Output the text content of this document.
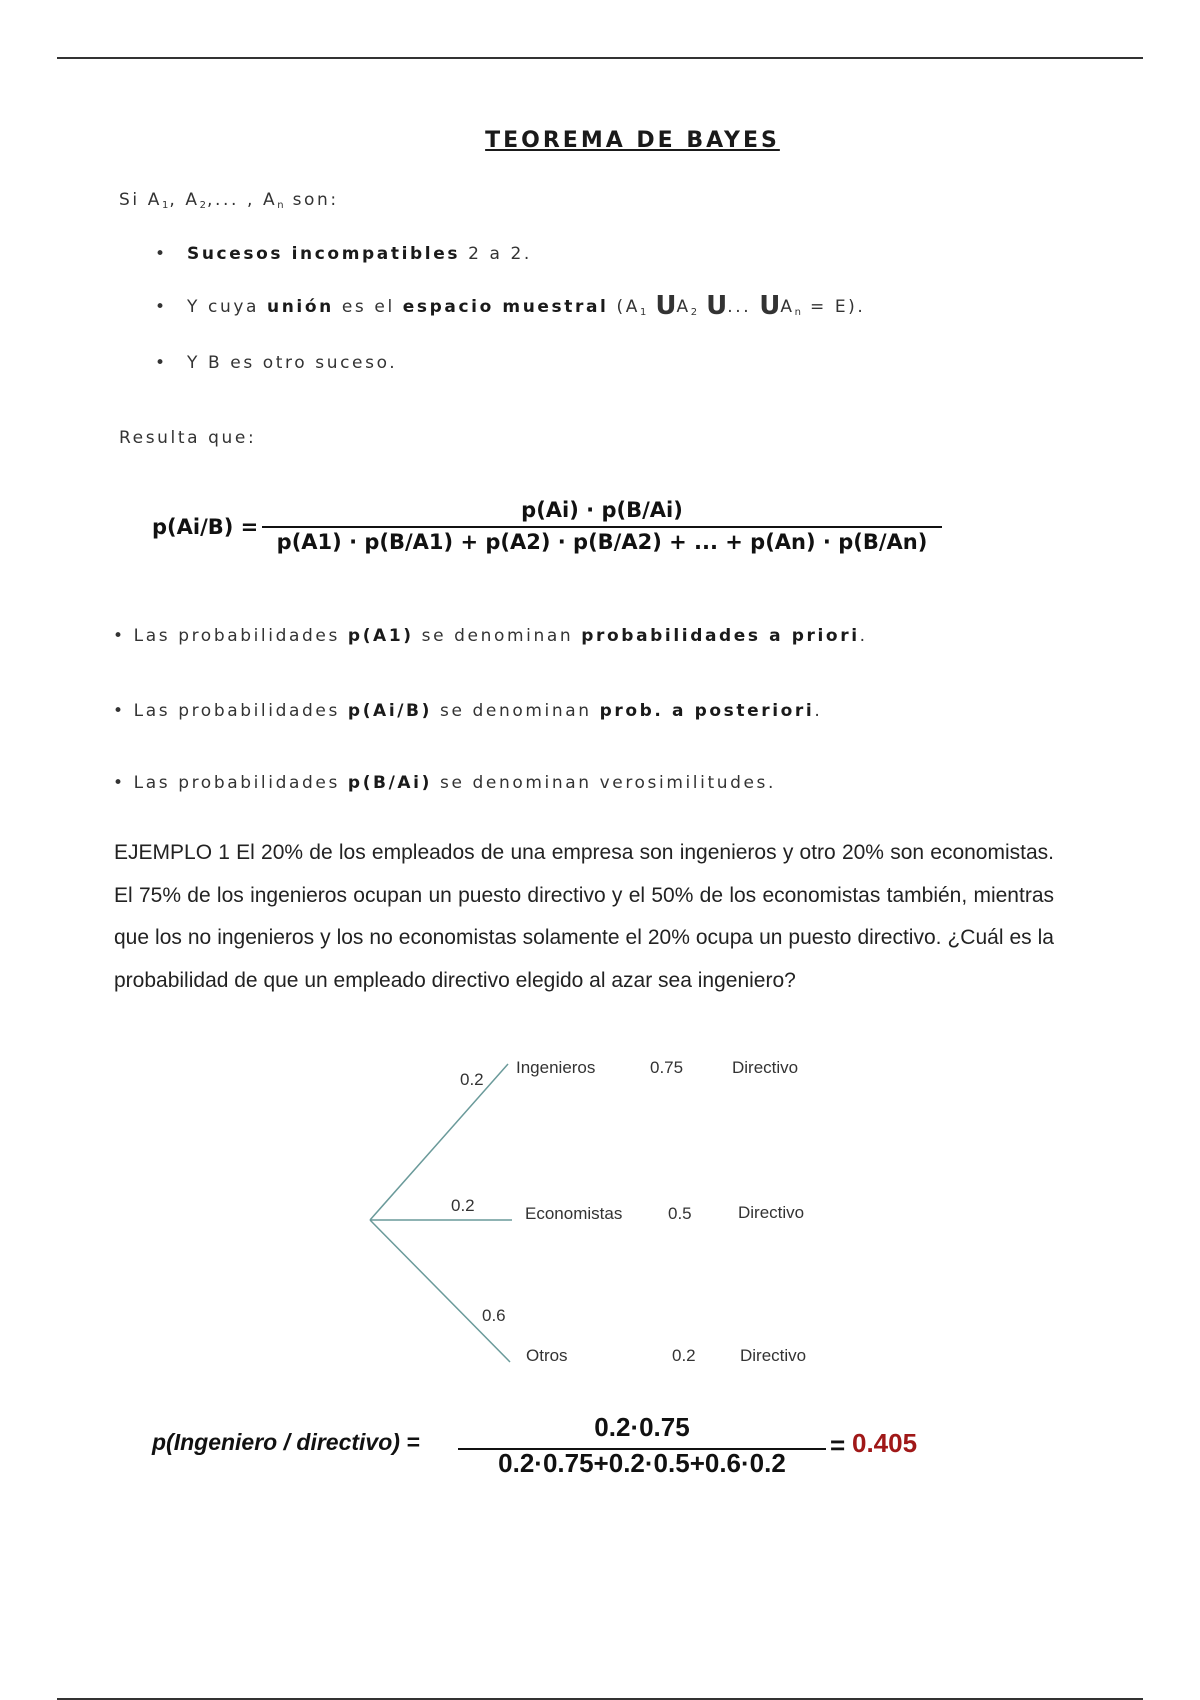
TEOREMA DE BAYES
Si $A_1$, $A_2$,... , $A_n$ son:
• Sucesos incompatibles 2 a 2.
• Y cuya unión es el espacio muestral ($A_1$ $UA_2$ U... $UA_n = E$).
• Y B es otro suceso.
Resulta que:
p(Ai/B) =
p(Ai) · p(B/Ai)
p(A1) · p(B/A1) + p(A2) · p(B/A2) + ... + p(An) · p(B/An)
• Las probabilidades p(A1) se denominan probabilidades a priori.
• Las probabilidades p(Ai/B) se denominan prob. a posteriori.
• Las probabilidades p(B/Ai) se denominan verosimilitudes.
EJEMPLO 1 El 20% de los empleados de una empresa son ingenieros y otro 20% son economistas. El 75% de los ingenieros ocupan un puesto directivo y el 50% de los economistas también, mientras que los no ingenieros y los no economistas solamente el 20% ocupa un puesto directivo. ¿Cuál es la probabilidad de que un empleado directivo elegido al azar sea ingeniero?
0.2
Ingenieros	0.75	Directivo
0.2	Economistas	0.5	Directivo
0.6
Otros	0.2	Directivo
p(Ingeniero / directivo) =	0.2·0.75
0.2·0.75+0.2·0.5+0.6·0.2
= 0.405
